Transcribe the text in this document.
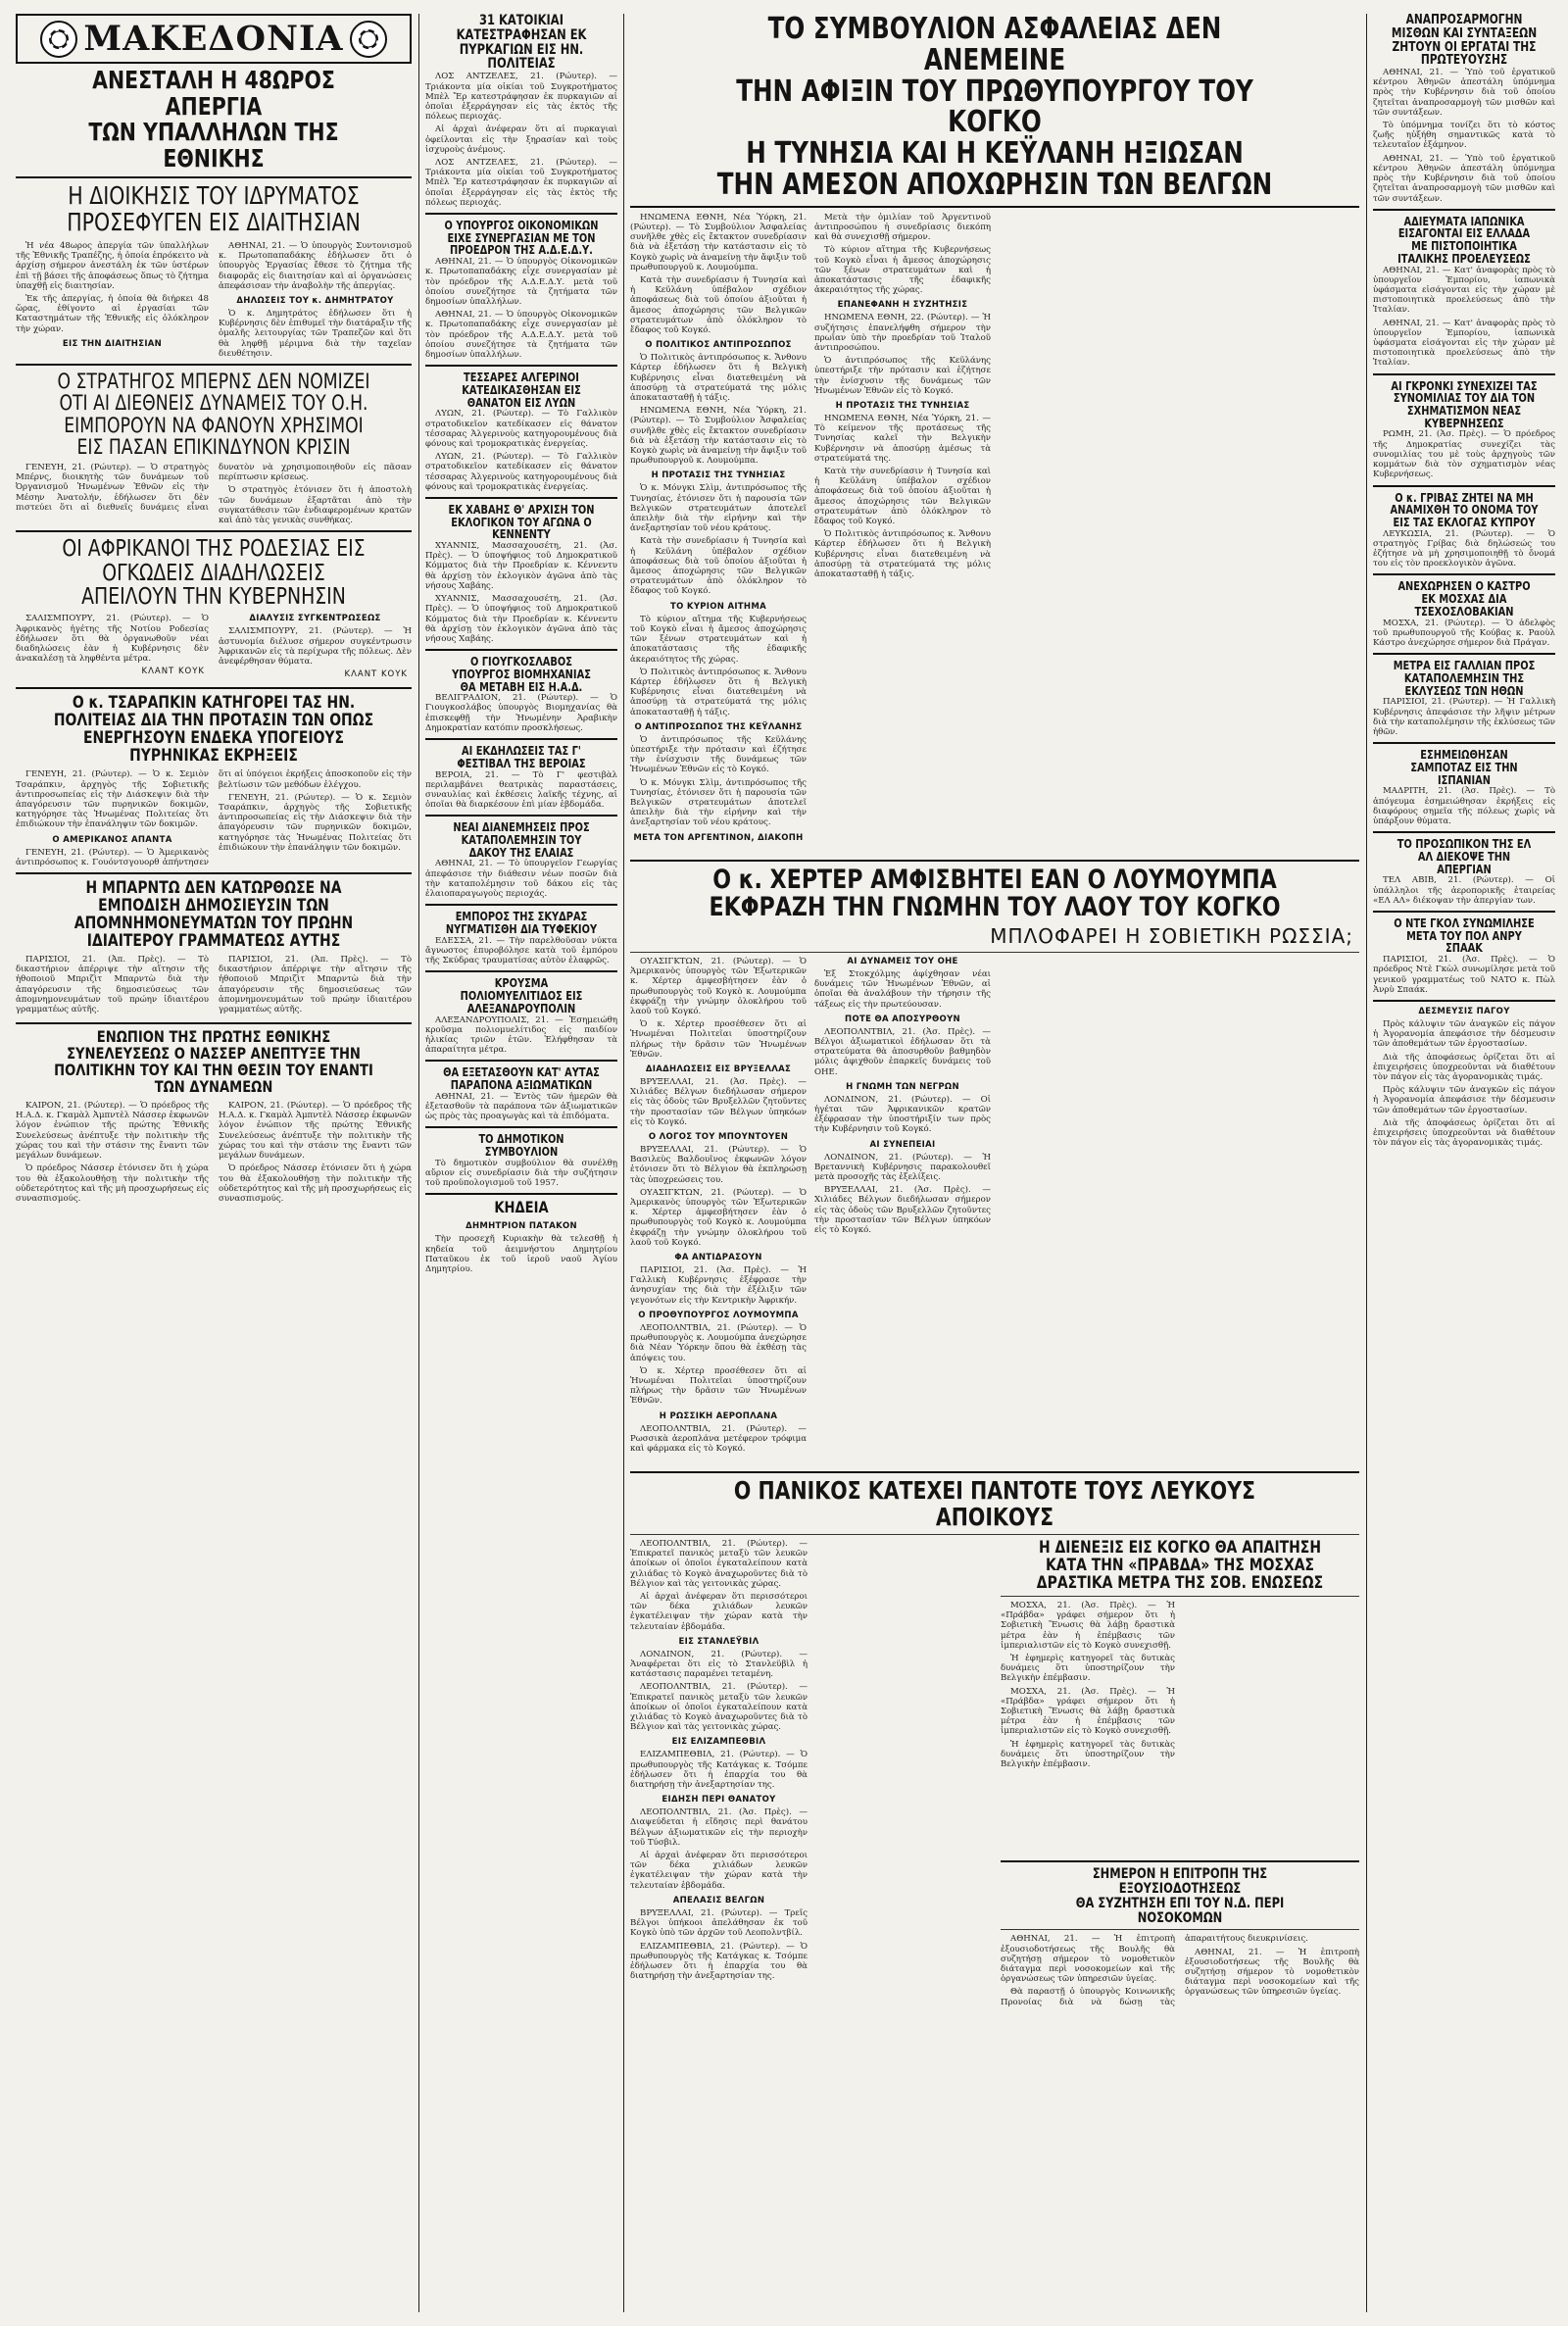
ΜΑΚΕΔΟΝΙΑ
ΑΝΕΣΤΑΛΗ Η 48ΩΡΟΣ ΑΠΕΡΓΙΑ
ΤΩΝ ΥΠΑΛΛΗΛΩΝ ΤΗΣ ΕΘΝΙΚΗΣ
Η ΔΙΟΙΚΗΣΙΣ ΤΟΥ ΙΔΡΥΜΑΤΟΣ
ΠΡΟΣΕΦΥΓΕΝ ΕΙΣ ΔΙΑΙΤΗΣΙΑΝ

Ἡ νέα 48ωρος ἀπεργία τῶν ὑπαλλήλων τῆς Ἐθνικῆς Τραπέζης, ἡ ὁποία ἐπρόκειτο νὰ ἀρχίσῃ σήμερον ἀνεστάλη ἐκ τῶν ὑστέρων ἐπὶ τῇ βάσει τῆς ἀποφάσεως ὅπως τὸ ζήτημα ὑπαχθῇ εἰς διαιτησίαν.

Ἐκ τῆς ἀπεργίας, ἡ ὁποία θὰ διήρκει 48 ὥρας, ἐθίγοντο αἱ ἐργασίαι τῶν Καταστημάτων τῆς Ἐθνικῆς εἰς ὁλόκληρον τὴν χώραν.

ΕΙΣ ΤΗΝ ΔΙΑΙΤΗΣΙΑΝ

ΑΘΗΝΑΙ, 21. — Ὁ ὑπουργὸς Συντονισμοῦ κ. Πρωτοπαπαδάκης ἐδήλωσεν ὅτι ὁ ὑπουργὸς Ἐργασίας ἔθεσε τὸ ζήτημα τῆς διαφορᾶς εἰς διαιτησίαν καὶ αἱ ὀργανώσεις ἀπεφάσισαν τὴν ἀναβολὴν τῆς ἀπεργίας.

ΔΗΛΩΣΕΙΣ ΤΟΥ κ. ΔΗΜΗΤΡΑΤΟΥ

Ὁ κ. Δημητράτος ἐδήλωσεν ὅτι ἡ Κυβέρνησις δὲν ἐπιθυμεῖ τὴν διατάραξιν τῆς ὁμαλῆς λειτουργίας τῶν Τραπεζῶν καὶ ὅτι θὰ ληφθῇ μέριμνα διὰ τὴν ταχεῖαν διευθέτησιν.

Ο ΣΤΡΑΤΗΓΟΣ ΜΠΕΡΝΣ ΔΕΝ ΝΟΜΙΖΕΙ ΟΤΙ ΑΙ ΔΙΕΘΝΕΙΣ ΔΥΝΑΜΕΙΣ ΤΟΥ Ο.Η. ΕΙΜΠΟΡΟΥΝ ΝΑ ΦΑΝΟΥΝ ΧΡΗΣΙΜΟΙ ΕΙΣ ΠΑΣΑΝ ΕΠΙΚΙΝΔΥΝΟΝ ΚΡΙΣΙΝ

ΓΕΝΕΥΗ, 21. (Ρώυτερ). — Ὁ στρατηγὸς Μπέρνς, διοικητὴς τῶν δυνάμεων τοῦ Ὀργανισμοῦ Ἡνωμένων Ἐθνῶν εἰς τὴν Μέσην Ἀνατολήν, ἐδήλωσεν ὅτι δὲν πιστεύει ὅτι αἱ διεθνεῖς δυνάμεις εἶναι δυνατὸν νὰ χρησιμοποιηθοῦν εἰς πᾶσαν περίπτωσιν κρίσεως.

Ὁ στρατηγὸς ἐτόνισεν ὅτι ἡ ἀποστολὴ τῶν δυνάμεων ἐξαρτᾶται ἀπὸ τὴν συγκατάθεσιν τῶν ἐνδιαφερομένων κρατῶν καὶ ἀπὸ τὰς γενικὰς συνθήκας.

ΟΙ ΑΦΡΙΚΑΝΟΙ ΤΗΣ ΡΟΔΕΣΙΑΣ ΕΙΣ ΟΓΚΩΔΕΙΣ ΔΙΑΔΗΛΩΣΕΙΣ ΑΠΕΙΛΟΥΝ ΤΗΝ ΚΥΒΕΡΝΗΣΙΝ

ΣΑΛΙΣΜΠΟΥΡΥ, 21. (Ρώυτερ). — Ὁ Ἀφρικανὸς ἡγέτης τῆς Νοτίου Ροδεσίας ἐδήλωσεν ὅτι θὰ ὀργανωθοῦν νέαι διαδηλώσεις ἐὰν ἡ Κυβέρνησις δὲν ἀνακαλέσῃ τὰ ληφθέντα μέτρα.

ΚΛΑΝΤ ΚΟΥΚ
ΔΙΑΛΥΣΙΣ ΣΥΓΚΕΝΤΡΩΣΕΩΣ

ΣΑΛΙΣΜΠΟΥΡΥ, 21. (Ρώυτερ). — Ἡ ἀστυνομία διέλυσε σήμερον συγκέντρωσιν Ἀφρικανῶν εἰς τὰ περίχωρα τῆς πόλεως. Δὲν ἀνεφέρθησαν θύματα.

ΚΛΑΝΤ ΚΟΥΚ
Ο κ. ΤΣΑΡΑΠΚΙΝ ΚΑΤΗΓΟΡΕΙ ΤΑΣ ΗΝ. ΠΟΛΙΤΕΙΑΣ ΔΙΑ ΤΗΝ ΠΡΟΤΑΣΙΝ ΤΩΝ ΟΠΩΣ ΕΝΕΡΓΗΣΟΥΝ ΕΝΔΕΚΑ ΥΠΟΓΕΙΟΥΣ ΠΥΡΗΝΙΚΑΣ ΕΚΡΗΞΕΙΣ

ΓΕΝΕΥΗ, 21. (Ρώυτερ). — Ὁ κ. Σεμιὸν Τσαράπκιν, ἀρχηγὸς τῆς Σοβιετικῆς ἀντιπροσωπείας εἰς τὴν Διάσκεψιν διὰ τὴν ἀπαγόρευσιν τῶν πυρηνικῶν δοκιμῶν, κατηγόρησε τὰς Ἡνωμένας Πολιτείας ὅτι ἐπιδιώκουν τὴν ἐπανάληψιν τῶν δοκιμῶν.

Ο ΑΜΕΡΙΚΑΝΟΣ ΑΠΑΝΤΑ

ΓΕΝΕΥΗ, 21. (Ρώυτερ). — Ὁ Ἀμερικανὸς ἀντιπρόσωπος κ. Γουόντσγουορθ ἀπήντησεν ὅτι αἱ ὑπόγειοι ἐκρήξεις ἀποσκοποῦν εἰς τὴν βελτίωσιν τῶν μεθόδων ἐλέγχου.

ΓΕΝΕΥΗ, 21. (Ρώυτερ). — Ὁ κ. Σεμιὸν Τσαράπκιν, ἀρχηγὸς τῆς Σοβιετικῆς ἀντιπροσωπείας εἰς τὴν Διάσκεψιν διὰ τὴν ἀπαγόρευσιν τῶν πυρηνικῶν δοκιμῶν, κατηγόρησε τὰς Ἡνωμένας Πολιτείας ὅτι ἐπιδιώκουν τὴν ἐπανάληψιν τῶν δοκιμῶν.

Η ΜΠΑΡΝΤΩ ΔΕΝ ΚΑΤΩΡΘΩΣΕ ΝΑ ΕΜΠΟΔΙΣΗ ΔΗΜΟΣΙΕΥΣΙΝ ΤΩΝ ΑΠΟΜΝΗΜΟΝΕΥΜΑΤΩΝ ΤΟΥ ΠΡΩΗΝ ΙΔΙΑΙΤΕΡΟΥ ΓΡΑΜΜΑΤΕΩΣ ΑΥΤΗΣ

ΠΑΡΙΣΙΟΙ, 21. (Ἀπ. Πρὲς). — Τὸ δικαστήριον ἀπέρριψε τὴν αἴτησιν τῆς ἠθοποιοῦ Μπριζὶτ Μπαρντὼ διὰ τὴν ἀπαγόρευσιν τῆς δημοσιεύσεως τῶν ἀπομνημονευμάτων τοῦ πρώην ἰδιαιτέρου γραμματέως αὐτῆς.

ΠΑΡΙΣΙΟΙ, 21. (Ἀπ. Πρὲς). — Τὸ δικαστήριον ἀπέρριψε τὴν αἴτησιν τῆς ἠθοποιοῦ Μπριζὶτ Μπαρντὼ διὰ τὴν ἀπαγόρευσιν τῆς δημοσιεύσεως τῶν ἀπομνημονευμάτων τοῦ πρώην ἰδιαιτέρου γραμματέως αὐτῆς.

ΕΝΩΠΙΟΝ ΤΗΣ ΠΡΩΤΗΣ ΕΘΝΙΚΗΣ ΣΥΝΕΛΕΥΣΕΩΣ Ο ΝΑΣΣΕΡ ΑΝΕΠΤΥΞΕ ΤΗΝ ΠΟΛΙΤΙΚΗΝ ΤΟΥ ΚΑΙ ΤΗΝ ΘΕΣΙΝ ΤΟΥ ΕΝΑΝΤΙ ΤΩΝ ΔΥΝΑΜΕΩΝ

ΚΑΙΡΟΝ, 21. (Ρώυτερ). — Ὁ πρόεδρος τῆς Η.Α.Δ. κ. Γκαμὰλ Ἀμπντὲλ Νάσσερ ἐκφωνῶν λόγον ἐνώπιον τῆς πρώτης Ἐθνικῆς Συνελεύσεως ἀνέπτυξε τὴν πολιτικὴν τῆς χώρας του καὶ τὴν στάσιν της ἔναντι τῶν μεγάλων δυνάμεων.

Ὁ πρόεδρος Νάσσερ ἐτόνισεν ὅτι ἡ χώρα του θὰ ἐξακολουθήσῃ τὴν πολιτικὴν τῆς οὐδετερότητος καὶ τῆς μὴ προσχωρήσεως εἰς συνασπισμούς.

ΚΑΙΡΟΝ, 21. (Ρώυτερ). — Ὁ πρόεδρος τῆς Η.Α.Δ. κ. Γκαμὰλ Ἀμπντὲλ Νάσσερ ἐκφωνῶν λόγον ἐνώπιον τῆς πρώτης Ἐθνικῆς Συνελεύσεως ἀνέπτυξε τὴν πολιτικὴν τῆς χώρας του καὶ τὴν στάσιν της ἔναντι τῶν μεγάλων δυνάμεων.

Ὁ πρόεδρος Νάσσερ ἐτόνισεν ὅτι ἡ χώρα του θὰ ἐξακολουθήσῃ τὴν πολιτικὴν τῆς οὐδετερότητος καὶ τῆς μὴ προσχωρήσεως εἰς συνασπισμούς.

31 ΚΑΤΟΙΚΙΑΙ ΚΑΤΕΣΤΡΑΦΗΣΑΝ ΕΚ ΠΥΡΚΑΓΙΩΝ ΕΙΣ ΗΝ. ΠΟΛΙΤΕΙΑΣ

ΛΟΣ ΑΝΤΖΕΛΕΣ, 21. (Ρώυτερ). — Τριάκοντα μία οἰκίαι τοῦ Συγκροτήματος Μπὲλ Ἔρ κατεστράφησαν ἐκ πυρκαγιῶν αἱ ὁποῖαι ἐξερράγησαν εἰς τὰς ἐκτὸς τῆς πόλεως περιοχάς.

Αἱ ἀρχαὶ ἀνέφεραν ὅτι αἱ πυρκαγιαὶ ὀφείλονται εἰς τὴν ξηρασίαν καὶ τοὺς ἰσχυροὺς ἀνέμους.

ΛΟΣ ΑΝΤΖΕΛΕΣ, 21. (Ρώυτερ). — Τριάκοντα μία οἰκίαι τοῦ Συγκροτήματος Μπὲλ Ἔρ κατεστράφησαν ἐκ πυρκαγιῶν αἱ ὁποῖαι ἐξερράγησαν εἰς τὰς ἐκτὸς τῆς πόλεως περιοχάς.

Ο ΥΠΟΥΡΓΟΣ ΟΙΚΟΝΟΜΙΚΩΝ ΕΙΧΕ ΣΥΝΕΡΓΑΣΙΑΝ ΜΕ ΤΟΝ ΠΡΟΕΔΡΟΝ ΤΗΣ Α.Δ.Ε.Δ.Υ.

ΑΘΗΝΑΙ, 21. — Ὁ ὑπουργὸς Οἰκονομικῶν κ. Πρωτοπαπαδάκης εἶχε συνεργασίαν μὲ τὸν πρόεδρον τῆς Α.Δ.Ε.Δ.Υ. μετὰ τοῦ ὁποίου συνεζήτησε τὰ ζητήματα τῶν δημοσίων ὑπαλλήλων.

ΑΘΗΝΑΙ, 21. — Ὁ ὑπουργὸς Οἰκονομικῶν κ. Πρωτοπαπαδάκης εἶχε συνεργασίαν μὲ τὸν πρόεδρον τῆς Α.Δ.Ε.Δ.Υ. μετὰ τοῦ ὁποίου συνεζήτησε τὰ ζητήματα τῶν δημοσίων ὑπαλλήλων.

ΤΕΣΣΑΡΕΣ ΑΛΓΕΡΙΝΟΙ ΚΑΤΕΔΙΚΑΣΘΗΣΑΝ ΕΙΣ ΘΑΝΑΤΟΝ ΕΙΣ ΛΥΩΝ

ΛΥΩΝ, 21. (Ρώυτερ). — Τὸ Γαλλικὸν στρατοδικεῖον κατεδίκασεν εἰς θάνατον τέσσαρας Ἀλγερινοὺς κατηγορουμένους διὰ φόνους καὶ τρομοκρατικὰς ἐνεργείας.

ΛΥΩΝ, 21. (Ρώυτερ). — Τὸ Γαλλικὸν στρατοδικεῖον κατεδίκασεν εἰς θάνατον τέσσαρας Ἀλγερινοὺς κατηγορουμένους διὰ φόνους καὶ τρομοκρατικὰς ἐνεργείας.

ΕΚ ΧΑΒΑΗΣ Θ' ΑΡΧΙΣΗ ΤΟΝ ΕΚΛΟΓΙΚΟΝ ΤΟΥ ΑΓΩΝΑ Ο ΚΕΝΝΕΝΤΥ

ΧΥΑΝΝΙΣ, Μασσαχουσέτη, 21. (Ἀσ. Πρὲς). — Ὁ ὑποψήφιος τοῦ Δημοκρατικοῦ Κόμματος διὰ τὴν Προεδρίαν κ. Κέννεντυ θὰ ἀρχίσῃ τὸν ἐκλογικὸν ἀγῶνα ἀπὸ τὰς νήσους Χαβάης.

ΧΥΑΝΝΙΣ, Μασσαχουσέτη, 21. (Ἀσ. Πρὲς). — Ὁ ὑποψήφιος τοῦ Δημοκρατικοῦ Κόμματος διὰ τὴν Προεδρίαν κ. Κέννεντυ θὰ ἀρχίσῃ τὸν ἐκλογικὸν ἀγῶνα ἀπὸ τὰς νήσους Χαβάης.

Ο ΓΙΟΥΓΚΟΣΛΑΒΟΣ ΥΠΟΥΡΓΟΣ ΒΙΟΜΗΧΑΝΙΑΣ ΘΑ ΜΕΤΑΒΗ ΕΙΣ Η.Α.Δ.

ΒΕΛΙΓΡΑΔΙΟΝ, 21. (Ρώυτερ). — Ὁ Γιουγκοσλάβος ὑπουργὸς Βιομηχανίας θὰ ἐπισκεφθῇ τὴν Ἡνωμένην Ἀραβικὴν Δημοκρατίαν κατόπιν προσκλήσεως.

ΑΙ ΕΚΔΗΛΩΣΕΙΣ ΤΑΣ Γ' ΦΕΣΤΙΒΑΛ ΤΗΣ ΒΕΡΟΙΑΣ

ΒΕΡΟΙΑ, 21. — Τὸ Γ' φεστιβὰλ περιλαμβάνει θεατρικὰς παραστάσεις, συναυλίας καὶ ἐκθέσεις λαϊκῆς τέχνης, αἱ ὁποῖαι θὰ διαρκέσουν ἐπὶ μίαν ἑβδομάδα.

ΝΕΑΙ ΔΙΑΝΕΜΗΣΕΙΣ ΠΡΟΣ ΚΑΤΑΠΟΛΕΜΗΣΙΝ ΤΟΥ ΔΑΚΟΥ ΤΗΣ ΕΛΑΙΑΣ

ΑΘΗΝΑΙ, 21. — Τὸ ὑπουργεῖον Γεωργίας ἀπεφάσισε τὴν διάθεσιν νέων ποσῶν διὰ τὴν καταπολέμησιν τοῦ δάκου εἰς τὰς ἐλαιοπαραγωγοὺς περιοχάς.

ΕΜΠΟΡΟΣ ΤΗΣ ΣΚΥΔΡΑΣ ΝΥΓΜΑΤΙΣΘΗ ΔΙΑ ΤΥΦΕΚΙΟΥ

ΕΔΕΣΣΑ, 21. — Τὴν παρελθοῦσαν νύκτα ἄγνωστος ἐπυροβόλησε κατὰ τοῦ ἐμπόρου τῆς Σκύδρας τραυματίσας αὐτὸν ἐλαφρῶς.

ΚΡΟΥΣΜΑ ΠΟΛΙΟΜΥΕΛΙΤΙΔΟΣ ΕΙΣ ΑΛΕΞΑΝΔΡΟΥΠΟΛΙΝ

ΑΛΕΞΑΝΔΡΟΥΠΟΛΙΣ, 21. — Ἐσημειώθη κροῦσμα πολιομυελίτιδος εἰς παιδίον ἡλικίας τριῶν ἐτῶν. Ἐλήφθησαν τὰ ἀπαραίτητα μέτρα.

ΘΑ ΕΞΕΤΑΣΘΟΥΝ ΚΑΤ' ΑΥΤΑΣ ΠΑΡΑΠΟΝΑ ΑΞΙΩΜΑΤΙΚΩΝ

ΑΘΗΝΑΙ, 21. — Ἐντὸς τῶν ἡμερῶν θὰ ἐξετασθοῦν τὰ παράπονα τῶν ἀξιωματικῶν ὡς πρὸς τὰς προαγωγὰς καὶ τὰ ἐπιδόματα.

ΤΟ ΔΗΜΟΤΙΚΟΝ ΣΥΜΒΟΥΛΙΟΝ

Τὸ δημοτικὸν συμβούλιον θὰ συνέλθῃ αὔριον εἰς συνεδρίασιν διὰ τὴν συζήτησιν τοῦ προϋπολογισμοῦ τοῦ 1957.

ΚΗΔΕΙΑ
ΔΗΜΗΤΡΙΟΝ ΠΑΤΑΚΟΝ

Τὴν προσεχῆ Κυριακὴν θὰ τελεσθῇ ἡ κηδεία τοῦ ἀειμνήστου Δημητρίου Παταῦκου ἐκ τοῦ ἱεροῦ ναοῦ Ἁγίου Δημητρίου.

ΤΟ ΣΥΜΒΟΥΛΙΟΝ ΑΣΦΑΛΕΙΑΣ ΔΕΝ ΑΝΕΜΕΙΝΕ
ΤΗΝ ΑΦΙΞΙΝ ΤΟΥ ΠΡΩΘΥΠΟΥΡΓΟΥ ΤΟΥ ΚΟΓΚΟ
Η ΤΥΝΗΣΙΑ ΚΑΙ Η ΚΕΫΛΑΝΗ ΗΞΙΩΣΑΝ
ΤΗΝ ΑΜΕΣΟΝ ΑΠΟΧΩΡΗΣΙΝ ΤΩΝ ΒΕΛΓΩΝ

ΗΝΩΜΕΝΑ ΕΘΝΗ, Νέα Ὑόρκη, 21. (Ρώυτερ). — Τὸ Συμβούλιον Ἀσφαλείας συνῆλθε χθὲς εἰς ἔκτακτον συνεδρίασιν διὰ νὰ ἐξετάσῃ τὴν κατάστασιν εἰς τὸ Κογκὸ χωρὶς νὰ ἀναμείνῃ τὴν ἄφιξιν τοῦ πρωθυπουργοῦ κ. Λουμούμπα.

Κατὰ τὴν συνεδρίασιν ἡ Τυνησία καὶ ἡ Κεϋλάνη ὑπέβαλον σχέδιον ἀποφάσεως διὰ τοῦ ὁποίου ἀξιοῦται ἡ ἄμεσος ἀποχώρησις τῶν Βελγικῶν στρατευμάτων ἀπὸ ὁλόκληρον τὸ ἔδαφος τοῦ Κογκό.

Ο ΠΟΛΙΤΙΚΟΣ ΑΝΤΙΠΡΟΣΩΠΟΣ

Ὁ Πολιτικὸς ἀντιπρόσωπος κ. Ἄνθονυ Κάρτερ ἐδήλωσεν ὅτι ἡ Βελγικὴ Κυβέρνησις εἶναι διατεθειμένη νὰ ἀποσύρῃ τὰ στρατεύματά της μόλις ἀποκατασταθῇ ἡ τάξις.

ΗΝΩΜΕΝΑ ΕΘΝΗ, Νέα Ὑόρκη, 21. (Ρώυτερ). — Τὸ Συμβούλιον Ἀσφαλείας συνῆλθε χθὲς εἰς ἔκτακτον συνεδρίασιν διὰ νὰ ἐξετάσῃ τὴν κατάστασιν εἰς τὸ Κογκὸ χωρὶς νὰ ἀναμείνῃ τὴν ἄφιξιν τοῦ πρωθυπουργοῦ κ. Λουμούμπα.

Η ΠΡΟΤΑΣΙΣ ΤΗΣ ΤΥΝΗΣΙΑΣ

Ὁ κ. Μόνγκι Σλὶμ, ἀντιπρόσωπος τῆς Τυνησίας, ἐτόνισεν ὅτι ἡ παρουσία τῶν Βελγικῶν στρατευμάτων ἀποτελεῖ ἀπειλὴν διὰ τὴν εἰρήνην καὶ τὴν ἀνεξαρτησίαν τοῦ νέου κράτους.

Κατὰ τὴν συνεδρίασιν ἡ Τυνησία καὶ ἡ Κεϋλάνη ὑπέβαλον σχέδιον ἀποφάσεως διὰ τοῦ ὁποίου ἀξιοῦται ἡ ἄμεσος ἀποχώρησις τῶν Βελγικῶν στρατευμάτων ἀπὸ ὁλόκληρον τὸ ἔδαφος τοῦ Κογκό.

ΤΟ ΚΥΡΙΟΝ ΑΙΤΗΜΑ

Τὸ κύριον αἴτημα τῆς Κυβερνήσεως τοῦ Κογκὸ εἶναι ἡ ἄμεσος ἀποχώρησις τῶν ξένων στρατευμάτων καὶ ἡ ἀποκατάστασις τῆς ἐδαφικῆς ἀκεραιότητος τῆς χώρας.

Ὁ Πολιτικὸς ἀντιπρόσωπος κ. Ἄνθονυ Κάρτερ ἐδήλωσεν ὅτι ἡ Βελγικὴ Κυβέρνησις εἶναι διατεθειμένη νὰ ἀποσύρῃ τὰ στρατεύματά της μόλις ἀποκατασταθῇ ἡ τάξις.

Ο ΑΝΤΙΠΡΟΣΩΠΟΣ ΤΗΣ ΚΕΫΛΑΝΗΣ

Ὁ ἀντιπρόσωπος τῆς Κεϋλάνης ὑπεστήριξε τὴν πρότασιν καὶ ἐζήτησε τὴν ἐνίσχυσιν τῆς δυνάμεως τῶν Ἡνωμένων Ἐθνῶν εἰς τὸ Κογκό.

Ὁ κ. Μόνγκι Σλὶμ, ἀντιπρόσωπος τῆς Τυνησίας, ἐτόνισεν ὅτι ἡ παρουσία τῶν Βελγικῶν στρατευμάτων ἀποτελεῖ ἀπειλὴν διὰ τὴν εἰρήνην καὶ τὴν ἀνεξαρτησίαν τοῦ νέου κράτους.

ΜΕΤΑ ΤΟΝ ΑΡΓΕΝΤΙΝΟΝ, ΔΙΑΚΟΠΗ

Μετὰ τὴν ὁμιλίαν τοῦ Ἀργεντινοῦ ἀντιπροσώπου ἡ συνεδρίασις διεκόπη καὶ θὰ συνεχισθῇ σήμερον.

Τὸ κύριον αἴτημα τῆς Κυβερνήσεως τοῦ Κογκὸ εἶναι ἡ ἄμεσος ἀποχώρησις τῶν ξένων στρατευμάτων καὶ ἡ ἀποκατάστασις τῆς ἐδαφικῆς ἀκεραιότητος τῆς χώρας.

ΕΠΑΝΕΦΑΝΗ Η ΣΥΖΗΤΗΣΙΣ

ΗΝΩΜΕΝΑ ΕΘΝΗ, 22. (Ρώυτερ). — Ἡ συζήτησις ἐπανελήφθη σήμερον τὴν πρωΐαν ὑπὸ τὴν προεδρίαν τοῦ Ἰταλοῦ ἀντιπροσώπου.

Ὁ ἀντιπρόσωπος τῆς Κεϋλάνης ὑπεστήριξε τὴν πρότασιν καὶ ἐζήτησε τὴν ἐνίσχυσιν τῆς δυνάμεως τῶν Ἡνωμένων Ἐθνῶν εἰς τὸ Κογκό.

Η ΠΡΟΤΑΣΙΣ ΤΗΣ ΤΥΝΗΣΙΑΣ

ΗΝΩΜΕΝΑ ΕΘΝΗ, Νέα Ὑόρκη, 21. — Τὸ κείμενον τῆς προτάσεως τῆς Τυνησίας καλεῖ τὴν Βελγικὴν Κυβέρνησιν νὰ ἀποσύρῃ ἀμέσως τὰ στρατεύματά της.

Κατὰ τὴν συνεδρίασιν ἡ Τυνησία καὶ ἡ Κεϋλάνη ὑπέβαλον σχέδιον ἀποφάσεως διὰ τοῦ ὁποίου ἀξιοῦται ἡ ἄμεσος ἀποχώρησις τῶν Βελγικῶν στρατευμάτων ἀπὸ ὁλόκληρον τὸ ἔδαφος τοῦ Κογκό.

Ὁ Πολιτικὸς ἀντιπρόσωπος κ. Ἄνθονυ Κάρτερ ἐδήλωσεν ὅτι ἡ Βελγικὴ Κυβέρνησις εἶναι διατεθειμένη νὰ ἀποσύρῃ τὰ στρατεύματά της μόλις ἀποκατασταθῇ ἡ τάξις.

Ο κ. ΧΕΡΤΕΡ ΑΜΦΙΣΒΗΤΕΙ ΕΑΝ Ο ΛΟΥΜΟΥΜΠΑ
ΕΚΦΡΑΖΗ ΤΗΝ ΓΝΩΜΗΝ ΤΟΥ ΛΑΟΥ ΤΟΥ ΚΟΓΚΟ
ΜΠΛΟΦΑΡΕΙ Η ΣΟΒΙΕΤΙΚΗ ΡΩΣΣΙΑ;

ΟΥΑΣΙΓΚΤΩΝ, 21. (Ρώυτερ). — Ὁ Ἀμερικανὸς ὑπουργὸς τῶν Ἐξωτερικῶν κ. Χέρτερ ἀμφεσβήτησεν ἐὰν ὁ πρωθυπουργὸς τοῦ Κογκὸ κ. Λουμούμπα ἐκφράζῃ τὴν γνώμην ὁλοκλήρου τοῦ λαοῦ τοῦ Κογκό.

Ὁ κ. Χέρτερ προσέθεσεν ὅτι αἱ Ἡνωμέναι Πολιτεῖαι ὑποστηρίζουν πλήρως τὴν δρᾶσιν τῶν Ἡνωμένων Ἐθνῶν.

ΔΙΑΔΗΛΩΣΕΙΣ ΕΙΣ ΒΡΥΞΕΛΛΑΣ

ΒΡΥΞΕΛΛΑΙ, 21. (Ἀσ. Πρὲς). — Χιλιάδες Βέλγων διεδήλωσαν σήμερον εἰς τὰς ὁδοὺς τῶν Βρυξελλῶν ζητοῦντες τὴν προστασίαν τῶν Βέλγων ὑπηκόων εἰς τὸ Κογκό.

Ο ΛΟΓΟΣ ΤΟΥ ΜΠΟΥΝΤΟΥΕΝ

ΒΡΥΞΕΛΛΑΙ, 21. (Ρώυτερ). — Ὁ Βασιλεὺς Βαλδουῖνος ἐκφωνῶν λόγον ἐτόνισεν ὅτι τὸ Βέλγιον θὰ ἐκπληρώσῃ τὰς ὑποχρεώσεις του.

ΟΥΑΣΙΓΚΤΩΝ, 21. (Ρώυτερ). — Ὁ Ἀμερικανὸς ὑπουργὸς τῶν Ἐξωτερικῶν κ. Χέρτερ ἀμφεσβήτησεν ἐὰν ὁ πρωθυπουργὸς τοῦ Κογκὸ κ. Λουμούμπα ἐκφράζῃ τὴν γνώμην ὁλοκλήρου τοῦ λαοῦ τοῦ Κογκό.

ΦΑ ΑΝΤΙΔΡΑΣΟΥΝ

ΠΑΡΙΣΙΟΙ, 21. (Ἀσ. Πρὲς). — Ἡ Γαλλικὴ Κυβέρνησις ἐξέφρασε τὴν ἀνησυχίαν της διὰ τὴν ἐξέλιξιν τῶν γεγονότων εἰς τὴν Κεντρικὴν Ἀφρικήν.

Ο ΠΡΟΘΥΠΟΥΡΓΟΣ ΛΟΥΜΟΥΜΠΑ

ΛΕΟΠΟΛΝΤΒΙΛ, 21. (Ρώυτερ). — Ὁ πρωθυπουργὸς κ. Λουμούμπα ἀνεχώρησε διὰ Νέαν Ὑόρκην ὅπου θὰ ἐκθέσῃ τὰς ἀπόψεις του.

Ὁ κ. Χέρτερ προσέθεσεν ὅτι αἱ Ἡνωμέναι Πολιτεῖαι ὑποστηρίζουν πλήρως τὴν δρᾶσιν τῶν Ἡνωμένων Ἐθνῶν.

Η ΡΩΣΣΙΚΗ ΑΕΡΟΠΛΑΝΑ

ΛΕΟΠΟΛΝΤΒΙΛ, 21. (Ρώυτερ). — Ρωσσικὰ ἀεροπλάνα μετέφερον τρόφιμα καὶ φάρμακα εἰς τὸ Κογκό.

ΑΙ ΔΥΝΑΜΕΙΣ ΤΟΥ ΟΗΕ

Ἐξ Στοκχόλμης ἀφίχθησαν νέαι δυνάμεις τῶν Ἡνωμένων Ἐθνῶν, αἱ ὁποῖαι θὰ ἀναλάβουν τὴν τήρησιν τῆς τάξεως εἰς τὴν πρωτεύουσαν.

ΠΟΤΕ ΘΑ ΑΠΟΣΥΡΘΟΥΝ

ΛΕΟΠΟΛΝΤΒΙΛ, 21. (Ἀσ. Πρὲς). — Βέλγοι ἀξιωματικοὶ ἐδήλωσαν ὅτι τὰ στρατεύματα θὰ ἀποσυρθοῦν βαθμηδὸν μόλις ἀφιχθοῦν ἐπαρκεῖς δυνάμεις τοῦ ΟΗΕ.

Η ΓΝΩΜΗ ΤΩΝ ΝΕΓΡΩΝ

ΛΟΝΔΙΝΟΝ, 21. (Ρώυτερ). — Οἱ ἡγέται τῶν Ἀφρικανικῶν κρατῶν ἐξέφρασαν τὴν ὑποστήριξίν των πρὸς τὴν Κυβέρνησιν τοῦ Κογκό.

ΑΙ ΣΥΝΕΠΕΙΑΙ

ΛΟΝΔΙΝΟΝ, 21. (Ρώυτερ). — Ἡ Βρεταννικὴ Κυβέρνησις παρακολουθεῖ μετὰ προσοχῆς τὰς ἐξελίξεις.

ΒΡΥΞΕΛΛΑΙ, 21. (Ἀσ. Πρὲς). — Χιλιάδες Βέλγων διεδήλωσαν σήμερον εἰς τὰς ὁδοὺς τῶν Βρυξελλῶν ζητοῦντες τὴν προστασίαν τῶν Βέλγων ὑπηκόων εἰς τὸ Κογκό.

Ο ΠΑΝΙΚΟΣ ΚΑΤΕΧΕΙ ΠΑΝΤΟΤΕ ΤΟΥΣ ΛΕΥΚΟΥΣ ΑΠΟΙΚΟΥΣ

ΛΕΟΠΟΛΝΤΒΙΛ, 21. (Ρώυτερ). — Ἐπικρατεῖ πανικὸς μεταξὺ τῶν λευκῶν ἀποίκων οἱ ὁποῖοι ἐγκαταλείπουν κατὰ χιλιάδας τὸ Κογκὸ ἀναχωροῦντες διὰ τὸ Βέλγιον καὶ τὰς γειτονικὰς χώρας.

Αἱ ἀρχαὶ ἀνέφεραν ὅτι περισσότεροι τῶν δέκα χιλιάδων λευκῶν ἐγκατέλειψαν τὴν χώραν κατὰ τὴν τελευταίαν ἑβδομάδα.

ΕΙΣ ΣΤΑΝΛΕΫΒΙΛ

ΛΟΝΔΙΝΟΝ, 21. (Ρώυτερ). — Ἀναφέρεται ὅτι εἰς τὸ Στανλεϋβὶλ ἡ κατάστασις παραμένει τεταμένη.

ΛΕΟΠΟΛΝΤΒΙΛ, 21. (Ρώυτερ). — Ἐπικρατεῖ πανικὸς μεταξὺ τῶν λευκῶν ἀποίκων οἱ ὁποῖοι ἐγκαταλείπουν κατὰ χιλιάδας τὸ Κογκὸ ἀναχωροῦντες διὰ τὸ Βέλγιον καὶ τὰς γειτονικὰς χώρας.

ΕΙΣ ΕΛΙΖΑΜΠΕΘΒΙΛ

ΕΛΙΖΑΜΠΕΘΒΙΛ, 21. (Ρώυτερ). — Ὁ πρωθυπουργὸς τῆς Κατάγκας κ. Τσόμπε ἐδήλωσεν ὅτι ἡ ἐπαρχία του θὰ διατηρήσῃ τὴν ἀνεξαρτησίαν της.

ΕΙΔΗΣΗ ΠΕΡΙ ΘΑΝΑΤΟΥ

ΛΕΟΠΟΛΝΤΒΙΛ, 21. (Ἀσ. Πρὲς). — Διαψεύδεται ἡ εἴδησις περὶ θανάτου Βέλγων ἀξιωματικῶν εἰς τὴν περιοχὴν τοῦ Τύσβιλ.

Αἱ ἀρχαὶ ἀνέφεραν ὅτι περισσότεροι τῶν δέκα χιλιάδων λευκῶν ἐγκατέλειψαν τὴν χώραν κατὰ τὴν τελευταίαν ἑβδομάδα.

ΑΠΕΛΑΣΙΣ ΒΕΛΓΩΝ

ΒΡΥΞΕΛΛΑΙ, 21. (Ρώυτερ). — Τρεῖς Βέλγοι ὑπήκοοι ἀπελάθησαν ἐκ τοῦ Κογκὸ ὑπὸ τῶν ἀρχῶν τοῦ Λεοπολντβίλ.

ΕΛΙΖΑΜΠΕΘΒΙΛ, 21. (Ρώυτερ). — Ὁ πρωθυπουργὸς τῆς Κατάγκας κ. Τσόμπε ἐδήλωσεν ὅτι ἡ ἐπαρχία του θὰ διατηρήσῃ τὴν ἀνεξαρτησίαν της.

Η ΔΙΕΝΕΞΙΣ ΕΙΣ ΚΟΓΚΟ ΘΑ ΑΠΑΙΤΗΣΗ
ΚΑΤΑ ΤΗΝ «ΠΡΑΒΔΑ» ΤΗΣ ΜΟΣΧΑΣ
ΔΡΑΣΤΙΚΑ ΜΕΤΡΑ ΤΗΣ ΣΟΒ. ΕΝΩΣΕΩΣ

ΜΟΣΧΑ, 21. (Ἀσ. Πρὲς). — Ἡ «Πράβδα» γράφει σήμερον ὅτι ἡ Σοβιετικὴ Ἕνωσις θὰ λάβῃ δραστικὰ μέτρα ἐὰν ἡ ἐπέμβασις τῶν ἰμπεριαλιστῶν εἰς τὸ Κογκὸ συνεχισθῇ.

Ἡ ἐφημερὶς κατηγορεῖ τὰς δυτικὰς δυνάμεις ὅτι ὑποστηρίζουν τὴν Βελγικὴν ἐπέμβασιν.

ΜΟΣΧΑ, 21. (Ἀσ. Πρὲς). — Ἡ «Πράβδα» γράφει σήμερον ὅτι ἡ Σοβιετικὴ Ἕνωσις θὰ λάβῃ δραστικὰ μέτρα ἐὰν ἡ ἐπέμβασις τῶν ἰμπεριαλιστῶν εἰς τὸ Κογκὸ συνεχισθῇ.

Ἡ ἐφημερὶς κατηγορεῖ τὰς δυτικὰς δυνάμεις ὅτι ὑποστηρίζουν τὴν Βελγικὴν ἐπέμβασιν.

ΣΗΜΕΡΟΝ Η ΕΠΙΤΡΟΠΗ ΤΗΣ ΕΞΟΥΣΙΟΔΟΤΗΣΕΩΣ
ΘΑ ΣΥΖΗΤΗΣΗ ΕΠΙ ΤΟΥ Ν.Δ. ΠΕΡΙ ΝΟΣΟΚΟΜΩΝ

ΑΘΗΝΑΙ, 21. — Ἡ ἐπιτροπὴ ἐξουσιοδοτήσεως τῆς Βουλῆς θὰ συζητήσῃ σήμερον τὸ νομοθετικὸν διάταγμα περὶ νοσοκομείων καὶ τῆς ὀργανώσεως τῶν ὑπηρεσιῶν ὑγείας.

Θὰ παραστῇ ὁ ὑπουργὸς Κοινωνικῆς Προνοίας διὰ νὰ δώσῃ τὰς ἀπαραιτήτους διευκρινίσεις.

ΑΘΗΝΑΙ, 21. — Ἡ ἐπιτροπὴ ἐξουσιοδοτήσεως τῆς Βουλῆς θὰ συζητήσῃ σήμερον τὸ νομοθετικὸν διάταγμα περὶ νοσοκομείων καὶ τῆς ὀργανώσεως τῶν ὑπηρεσιῶν ὑγείας.

ΑΝΑΠΡΟΣΑΡΜΟΓΗΝ ΜΙΣΘΩΝ ΚΑΙ ΣΥΝΤΑΞΕΩΝ ΖΗΤΟΥΝ ΟΙ ΕΡΓΑΤΑΙ ΤΗΣ ΠΡΩΤΕΥΟΥΣΗΣ

ΑΘΗΝΑΙ, 21. — Ὑπὸ τοῦ ἐργατικοῦ κέντρου Ἀθηνῶν ἀπεστάλη ὑπόμνημα πρὸς τὴν Κυβέρνησιν διὰ τοῦ ὁποίου ζητεῖται ἀναπροσαρμογὴ τῶν μισθῶν καὶ τῶν συντάξεων.

Τὸ ὑπόμνημα τονίζει ὅτι τὸ κόστος ζωῆς ηὐξήθη σημαντικῶς κατὰ τὸ τελευταῖον ἑξάμηνον.

ΑΘΗΝΑΙ, 21. — Ὑπὸ τοῦ ἐργατικοῦ κέντρου Ἀθηνῶν ἀπεστάλη ὑπόμνημα πρὸς τὴν Κυβέρνησιν διὰ τοῦ ὁποίου ζητεῖται ἀναπροσαρμογὴ τῶν μισθῶν καὶ τῶν συντάξεων.

ΑΔΙΕΥΜΑΤΑ ΙΑΠΩΝΙΚΑ ΕΙΣΑΓΟΝΤΑΙ ΕΙΣ ΕΛΛΑΔΑ ΜΕ ΠΙΣΤΟΠΟΙΗΤΙΚΑ ΙΤΑΛΙΚΗΣ ΠΡΟΕΛΕΥΣΕΩΣ

ΑΘΗΝΑΙ, 21. — Κατ' ἀναφορὰς πρὸς τὸ ὑπουργεῖον Ἐμπορίου, ἰαπωνικὰ ὑφάσματα εἰσάγονται εἰς τὴν χώραν μὲ πιστοποιητικὰ προελεύσεως ἀπὸ τὴν Ἰταλίαν.

ΑΘΗΝΑΙ, 21. — Κατ' ἀναφορὰς πρὸς τὸ ὑπουργεῖον Ἐμπορίου, ἰαπωνικὰ ὑφάσματα εἰσάγονται εἰς τὴν χώραν μὲ πιστοποιητικὰ προελεύσεως ἀπὸ τὴν Ἰταλίαν.

ΑΙ ΓΚΡΟΝΚΙ ΣΥΝΕΧΙΖΕΙ ΤΑΣ ΣΥΝΟΜΙΛΙΑΣ ΤΟΥ ΔΙΑ ΤΟΝ ΣΧΗΜΑΤΙΣΜΟΝ ΝΕΑΣ ΚΥΒΕΡΝΗΣΕΩΣ

ΡΩΜΗ, 21. (Ἀσ. Πρὲς). — Ὁ πρόεδρος τῆς Δημοκρατίας συνεχίζει τὰς συνομιλίας του μὲ τοὺς ἀρχηγοὺς τῶν κομμάτων διὰ τὸν σχηματισμὸν νέας Κυβερνήσεως.

Ο κ. ΓΡΙΒΑΣ ΖΗΤΕΙ ΝΑ ΜΗ ΑΝΑΜΙΧΘΗ ΤΟ ΟΝΟΜΑ ΤΟΥ ΕΙΣ ΤΑΣ ΕΚΛΟΓΑΣ ΚΥΠΡΟΥ

ΛΕΥΚΩΣΙΑ, 21. (Ρώυτερ). — Ὁ στρατηγὸς Γρίβας διὰ δηλώσεώς του ἐζήτησε νὰ μὴ χρησιμοποιηθῇ τὸ ὄνομά του εἰς τὸν προεκλογικὸν ἀγῶνα.

ΑΝΕΧΩΡΗΣΕΝ Ο ΚΑΣΤΡΟ ΕΚ ΜΟΣΧΑΣ ΔΙΑ ΤΣΕΧΟΣΛΟΒΑΚΙΑΝ

ΜΟΣΧΑ, 21. (Ρώυτερ). — Ὁ ἀδελφὸς τοῦ πρωθυπουργοῦ τῆς Κούβας κ. Ραοὺλ Κάστρο ἀνεχώρησε σήμερον διὰ Πράγαν.

ΜΕΤΡΑ ΕΙΣ ΓΑΛΛΙΑΝ ΠΡΟΣ ΚΑΤΑΠΟΛΕΜΗΣΙΝ ΤΗΣ ΕΚΛΥΣΕΩΣ ΤΩΝ ΗΘΩΝ

ΠΑΡΙΣΙΟΙ, 21. (Ρώυτερ). — Ἡ Γαλλικὴ Κυβέρνησις ἀπεφάσισε τὴν λῆψιν μέτρων διὰ τὴν καταπολέμησιν τῆς ἐκλύσεως τῶν ἠθῶν.

ΕΣΗΜΕΙΩΘΗΣΑΝ ΣΑΜΠΟΤΑΖ ΕΙΣ ΤΗΝ ΙΣΠΑΝΙΑΝ

ΜΑΔΡΙΤΗ, 21. (Ἀσ. Πρὲς). — Τὸ ἀπόγευμα ἐσημειώθησαν ἐκρήξεις εἰς διαφόρους σημεῖα τῆς πόλεως χωρὶς νὰ ὑπάρξουν θύματα.

ΤΟ ΠΡΟΣΩΠΙΚΟΝ ΤΗΣ ΕΛ ΑΛ ΔΙΕΚΟΨΕ ΤΗΝ ΑΠΕΡΓΙΑΝ

ΤΕΛ ΑΒΙΒ, 21. (Ρώυτερ). — Οἱ ὑπάλληλοι τῆς ἀεροπορικῆς ἑταιρείας «ΕΛ ΑΛ» διέκοψαν τὴν ἀπεργίαν των.

Ο ΝΤΕ ΓΚΟΛ ΣΥΝΩΜΙΛΗΣΕ ΜΕΤΑ ΤΟΥ ΠΟΛ ΑΝΡΥ ΣΠΑΑΚ

ΠΑΡΙΣΙΟΙ, 21. (Ἀσ. Πρὲς). — Ὁ πρόεδρος Ντὲ Γκὼλ συνωμίλησε μετὰ τοῦ γενικοῦ γραμματέως τοῦ ΝΑΤΟ κ. Πὼλ Ἀνρὺ Σπαάκ.

ΔΕΣΜΕΥΣΙΣ ΠΑΓΟΥ

Πρὸς κάλυψιν τῶν ἀναγκῶν εἰς πάγον ἡ Ἀγορανομία ἀπεφάσισε τὴν δέσμευσιν τῶν ἀποθεμάτων τῶν ἐργοστασίων.

Διὰ τῆς ἀποφάσεως ὁρίζεται ὅτι αἱ ἐπιχειρήσεις ὑποχρεοῦνται νὰ διαθέτουν τὸν πάγον εἰς τὰς ἀγορανομικὰς τιμάς.

Πρὸς κάλυψιν τῶν ἀναγκῶν εἰς πάγον ἡ Ἀγορανομία ἀπεφάσισε τὴν δέσμευσιν τῶν ἀποθεμάτων τῶν ἐργοστασίων.

Διὰ τῆς ἀποφάσεως ὁρίζεται ὅτι αἱ ἐπιχειρήσεις ὑποχρεοῦνται νὰ διαθέτουν τὸν πάγον εἰς τὰς ἀγορανομικὰς τιμάς.
